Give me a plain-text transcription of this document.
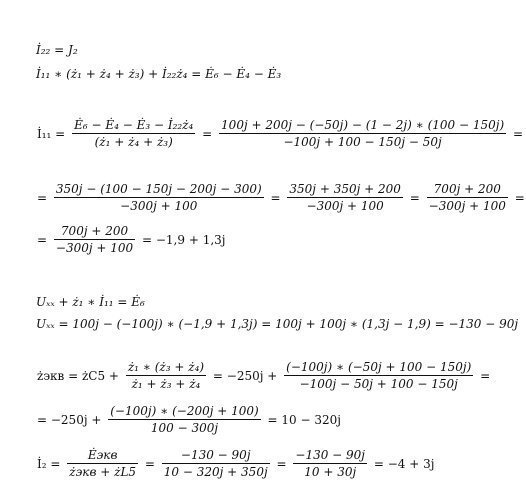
İ₂₂ = J₂
İ₁₁ ∗ (ż₁ + ż₄ + ż₃) + İ₂₂ż₄ = Ė₆ − Ė₄ − Ė₃
İ₁₁ = $\frac{\text{Ė₆ − Ė₄ − Ė₃ − İ₂₂ż₄}}{\text{(ż₁ + ż₄ + ż₃)}} = \frac{100j + 200j - (-50j) - (1 - 2j) ∗ (100 - 150j)}{-100j + 100 - 150j - 50j}$ =
= $\frac{350j - (100 - 150j - 200j - 300)}{-300j + 100} = \frac{350j + 350j + 200}{-300j + 100} = \frac{700j + 200}{-300j + 100}$ =
= $\frac{700j + 200}{-300j + 100} = -1,9 + 1,3j$
Uₓₓ + ż₁ ∗ İ₁₁ = Ė₆
Uₓₓ = 100j − (−100j) ∗ (−1,9 + 1,3j) = 100j + 100j ∗ (1,3j − 1,9) = −130 − 90j
żэкв = żC5 + $\frac{\text{ż₁ ∗ (ż₃ + ż₄)}}{\text{ż₁ + ż₃ + ż₄}} = -250j + \frac{(-100j) ∗ (-50j + 100 - 150j)}{-100j - 50j + 100 - 150j}$ =
= $-250j + \frac{(-100j) ∗ (-200j + 100)}{100 - 300j} = 10 - 320j$
İ₂ = $\frac{\text{Ėэкв}}{\text{żэкв + żL5}} = \frac{-130 - 90j}{10 - 320j + 350j} = \frac{-130 - 90j}{10 + 30j} = -4 + 3j$
